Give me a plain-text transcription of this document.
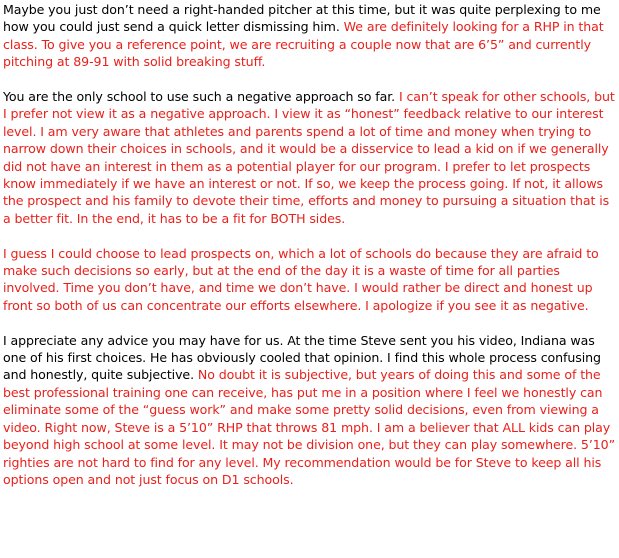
Maybe you just don’t need a right-handed pitcher at this time, but it was quite perplexing to me how you could just send a quick letter dismissing him. We are definitely looking for a RHP in that class. To give you a reference point, we are recruiting a couple now that are 6’5” and currently pitching at 89-91 with solid breaking stuff.

You are the only school to use such a negative approach so far. I can’t speak for other schools, but I prefer not view it as a negative approach. I view it as “honest” feedback relative to our interest level. I am very aware that athletes and parents spend a lot of time and money when trying to narrow down their choices in schools, and it would be a disservice to lead a kid on if we generally did not have an interest in them as a potential player for our program. I prefer to let prospects know immediately if we have an interest or not. If so, we keep the process going. If not, it allows the prospect and his family to devote their time, efforts and money to pursuing a situation that is a better fit. In the end, it has to be a fit for BOTH sides.

I guess I could choose to lead prospects on, which a lot of schools do because they are afraid to make such decisions so early, but at the end of the day it is a waste of time for all parties involved. Time you don’t have, and time we don’t have. I would rather be direct and honest up front so both of us can concentrate our efforts elsewhere. I apologize if you see it as negative.

I appreciate any advice you may have for us. At the time Steve sent you his video, Indiana was one of his first choices. He has obviously cooled that opinion. I find this whole process confusing and honestly, quite subjective. No doubt it is subjective, but years of doing this and some of the best professional training one can receive, has put me in a position where I feel we honestly can eliminate some of the “guess work” and make some pretty solid decisions, even from viewing a video. Right now, Steve is a 5’10” RHP that throws 81 mph. I am a believer that ALL kids can play beyond high school at some level. It may not be division one, but they can play somewhere. 5’10” righties are not hard to find for any level. My recommendation would be for Steve to keep all his options open and not just focus on D1 schools.
